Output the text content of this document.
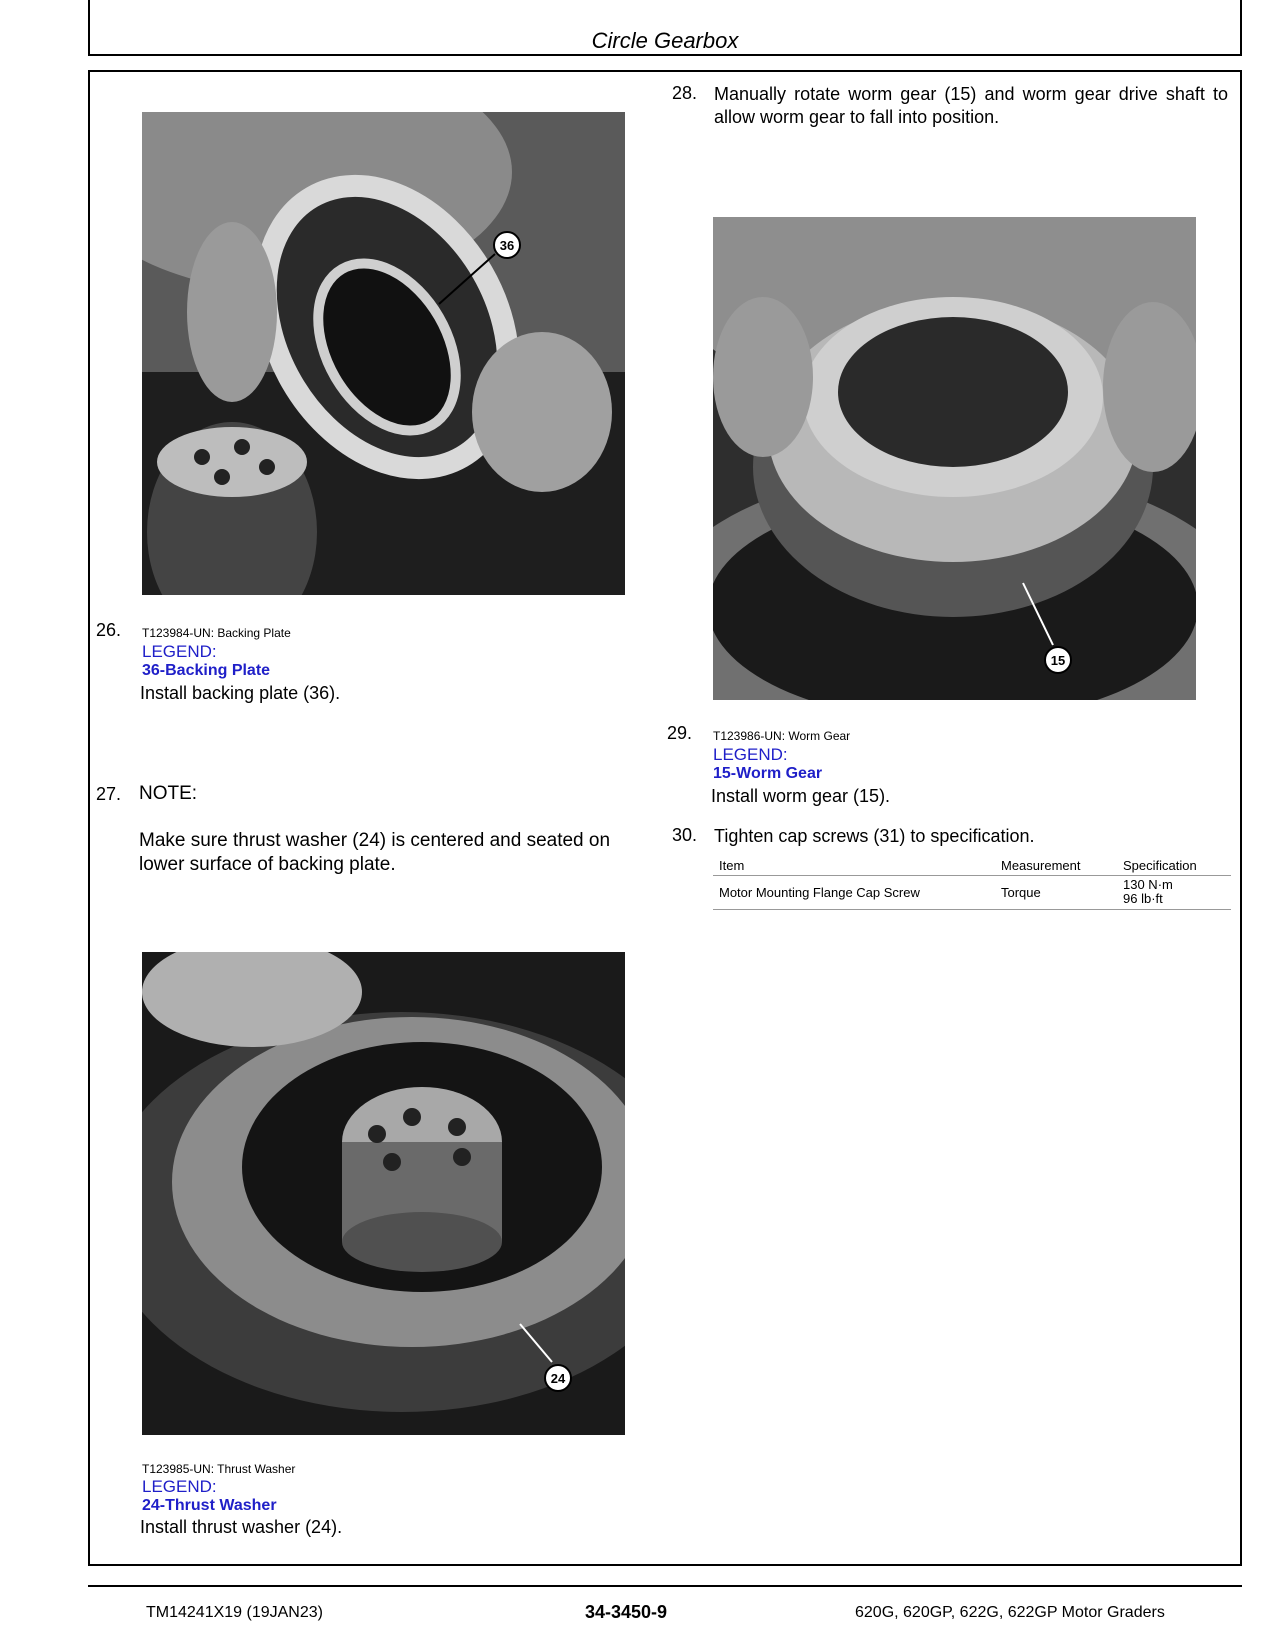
Circle Gearbox
36
26. T123984-UN: Backing Plate
LEGEND:
36-Backing Plate
Install backing plate (36).
27. NOTE:
Make sure thrust washer (24) is centered and seated on lower surface of backing plate.
24
T123985-UN: Thrust Washer
LEGEND:
24-Thrust Washer
Install thrust washer (24).
28. Manually rotate worm gear (15) and worm gear drive shaft to allow worm gear to fall into position.
15
29. T123986-UN: Worm Gear
LEGEND:
15-Worm Gear
Install worm gear (15).
30. Tighten cap screws (31) to specification.
Item	Measurement	Specification
Motor Mounting Flange Cap Screw	Torque	130 N·m
96 lb·ft
TM14241X19 (19JAN23)	34-3450-9	620G, 620GP, 622G, 622GP Motor Graders
